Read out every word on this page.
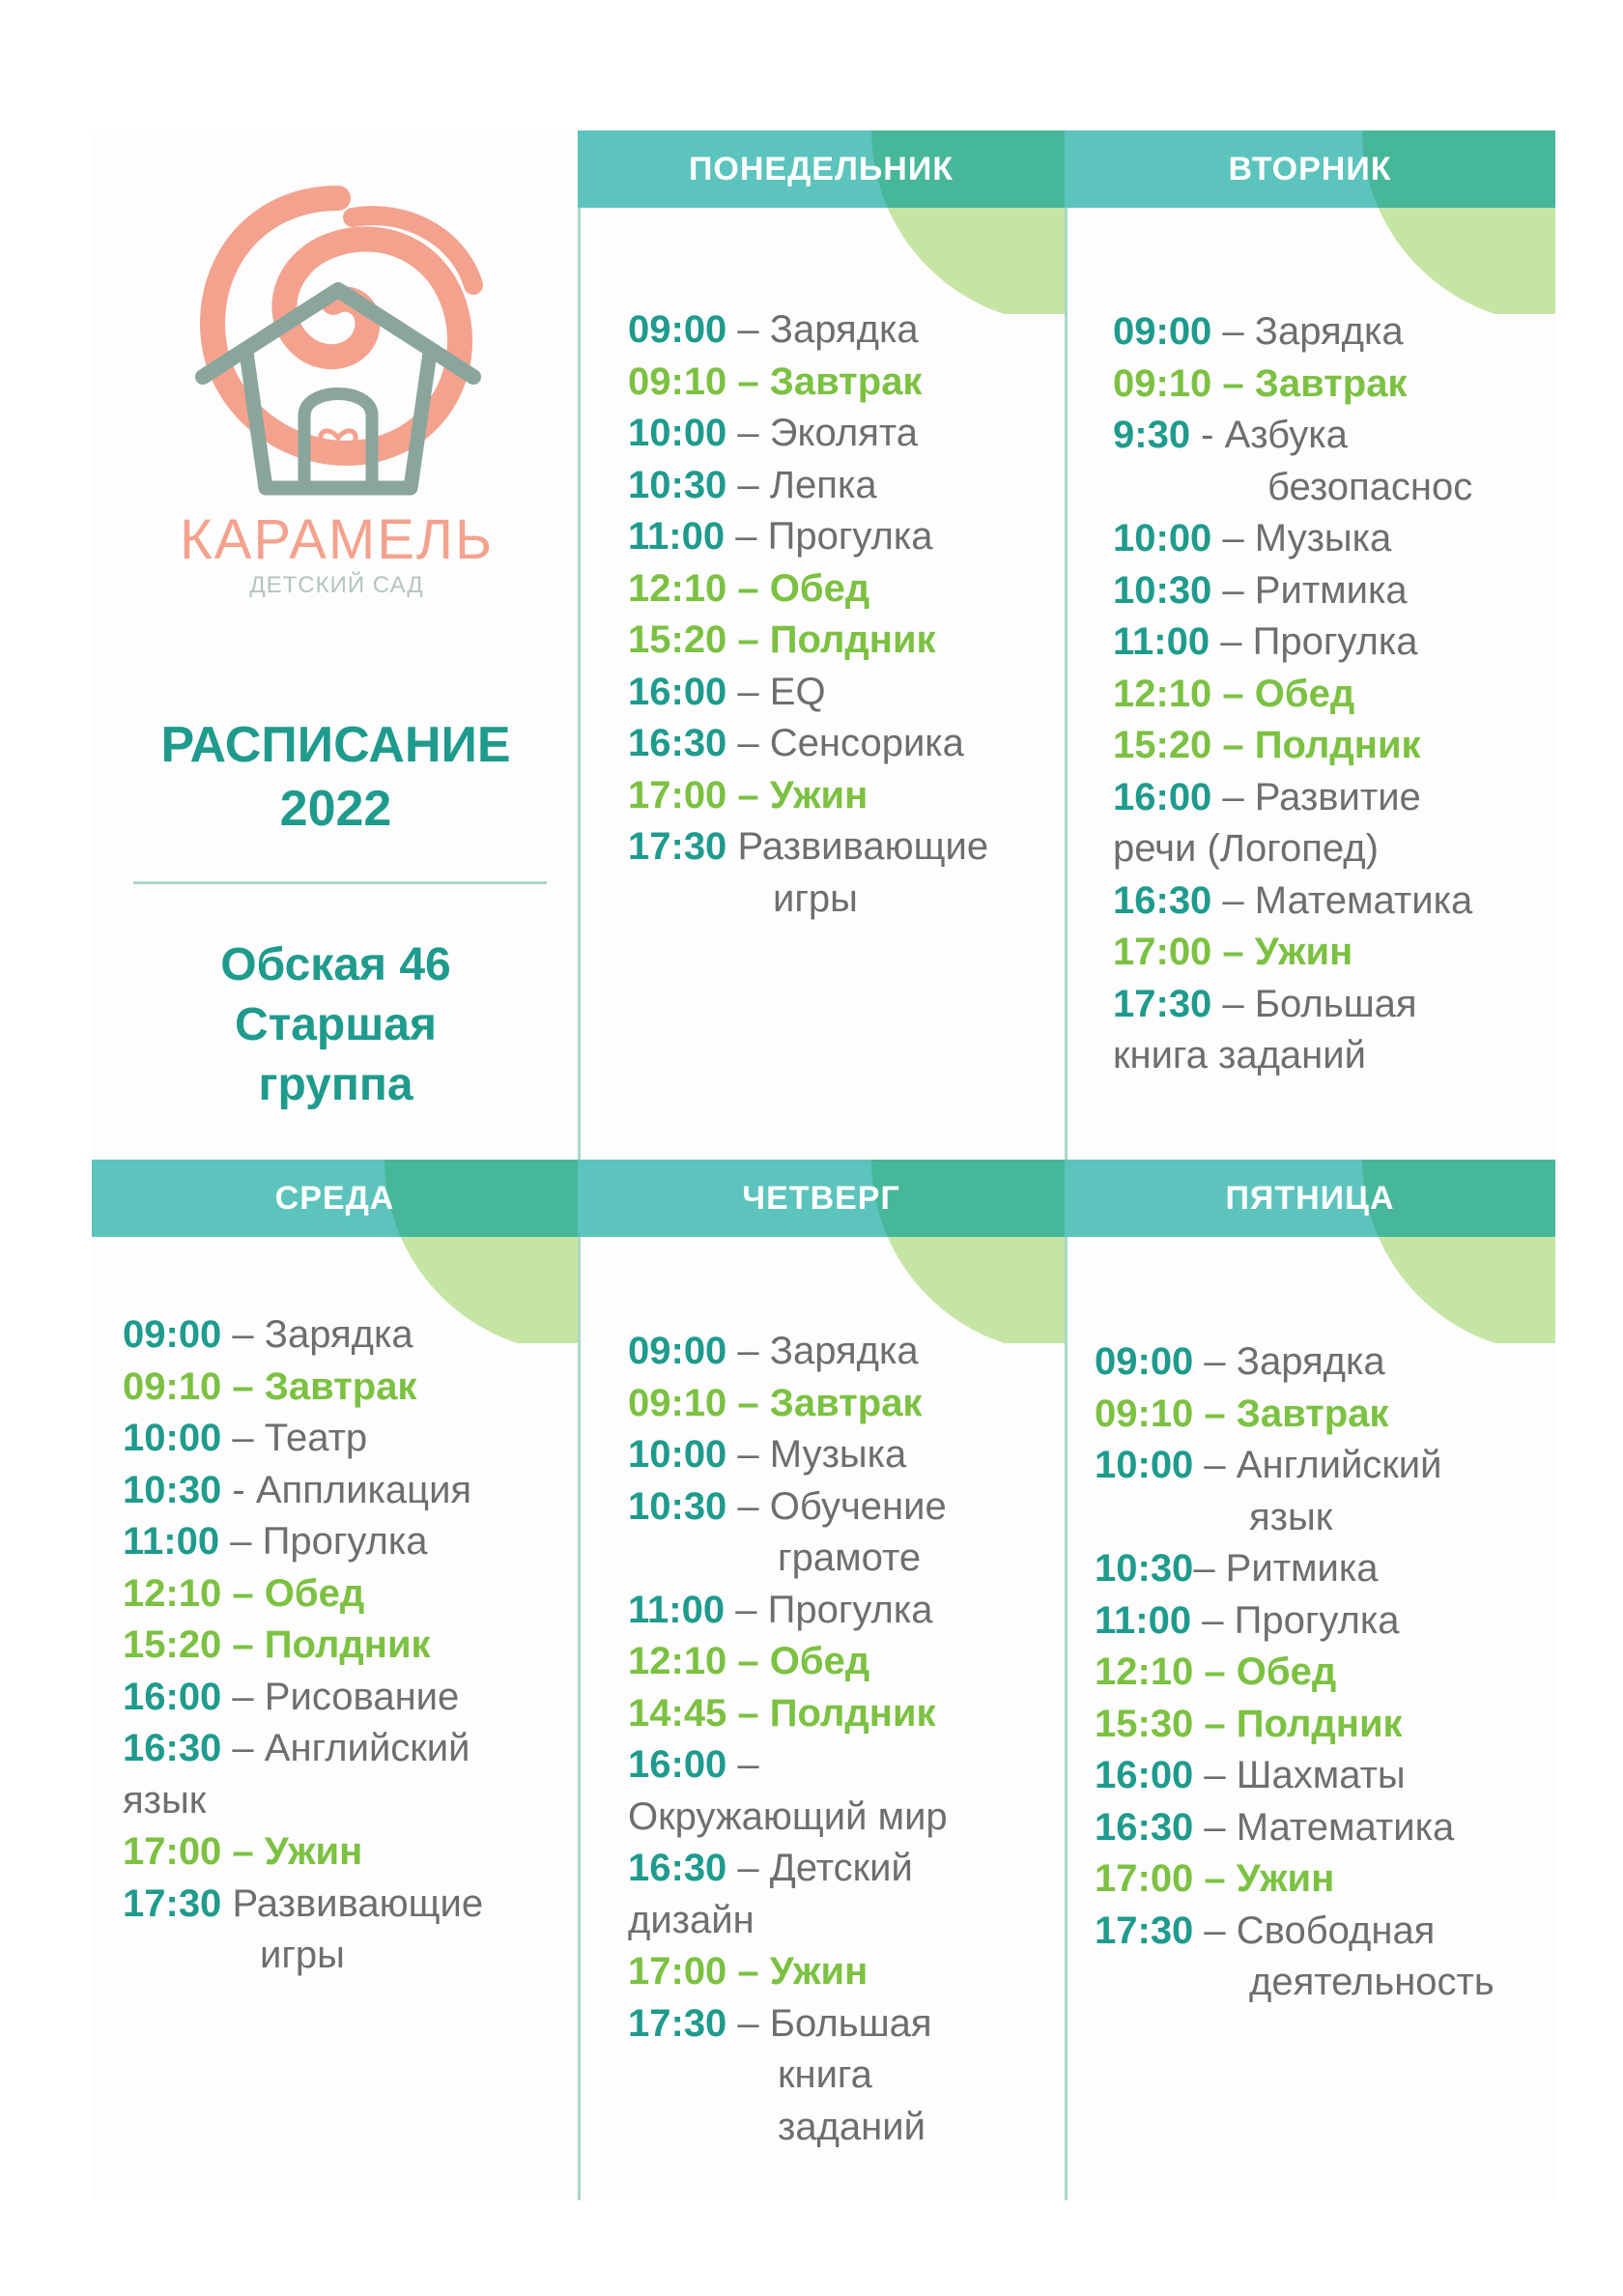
КАРАМЕЛЬ
ДЕТСКИЙ САД
РАСПИСАНИЕ
2022
Обская 46
Старшая
группа
ПОНЕДЕЛЬНИК
09:00 – Зарядка
09:10 – Завтрак
10:00 – Эколята
10:30 – Лепка
11:00 – Прогулка
12:10 – Обед
15:20 – Полдник
16:00 – EQ
16:30 – Сенсорика
17:00 – Ужин
17:30 Развивающие
игры
ВТОРНИК
09:00 – Зарядка
09:10 – Завтрак
9:30 - Азбука
безопаснос
10:00 – Музыка
10:30 – Ритмика
11:00 – Прогулка
12:10 – Обед
15:20 – Полдник
16:00 – Развитие
речи (Логопед)
16:30 – Математика
17:00 – Ужин
17:30 – Большая
книга заданий
СРЕДА
09:00 – Зарядка
09:10 – Завтрак
10:00 – Театр
10:30 - Аппликация
11:00 – Прогулка
12:10 – Обед
15:20 – Полдник
16:00 – Рисование
16:30 – Английский
язык
17:00 – Ужин
17:30 Развивающие
игры
ЧЕТВЕРГ
09:00 – Зарядка
09:10 – Завтрак
10:00 – Музыка
10:30 – Обучение
грамоте
11:00 – Прогулка
12:10 – Обед
14:45 – Полдник
16:00 –
Окружающий мир
16:30 – Детский
дизайн
17:00 – Ужин
17:30 – Большая
книга
заданий
ПЯТНИЦА
09:00 – Зарядка
09:10 – Завтрак
10:00 – Английский
язык
10:30– Ритмика
11:00 – Прогулка
12:10 – Обед
15:30 – Полдник
16:00 – Шахматы
16:30 – Математика
17:00 – Ужин
17:30 – Свободная
деятельность
